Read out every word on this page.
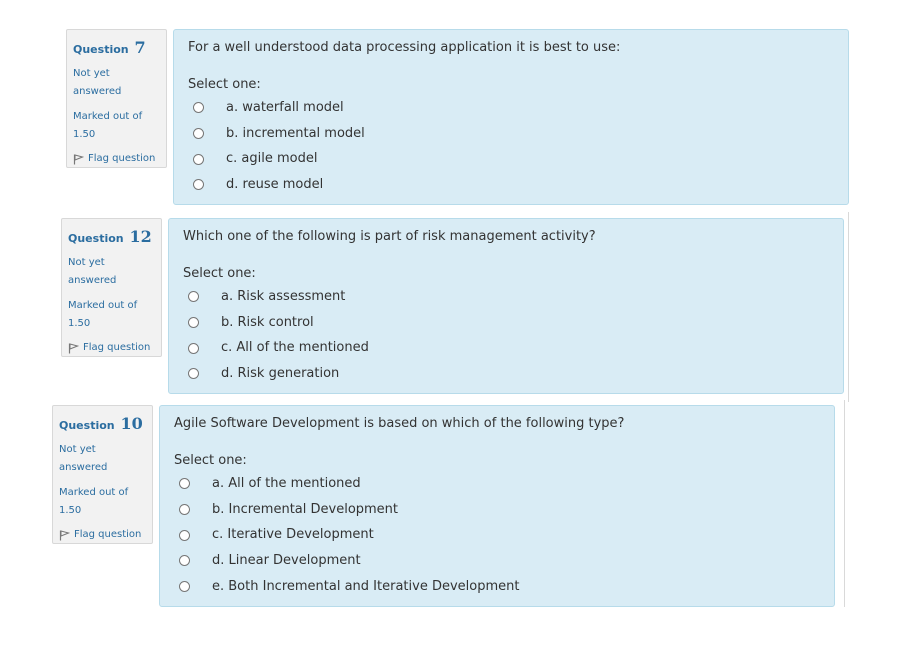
Question 7
Not yet
answered
Marked out of
1.50
Flag question
For a well understood data processing application it is best to use:
Select one:
a. waterfall model
b. incremental model
c. agile model
d. reuse model
Question 12
Not yet
answered
Marked out of
1.50
Flag question
Which one of the following is part of risk management activity?
Select one:
a. Risk assessment
b. Risk control
c. All of the mentioned
d. Risk generation
Question 10
Not yet
answered
Marked out of
1.50
Flag question
Agile Software Development is based on which of the following type?
Select one:
a. All of the mentioned
b. Incremental Development
c. Iterative Development
d. Linear Development
e. Both Incremental and Iterative Development
